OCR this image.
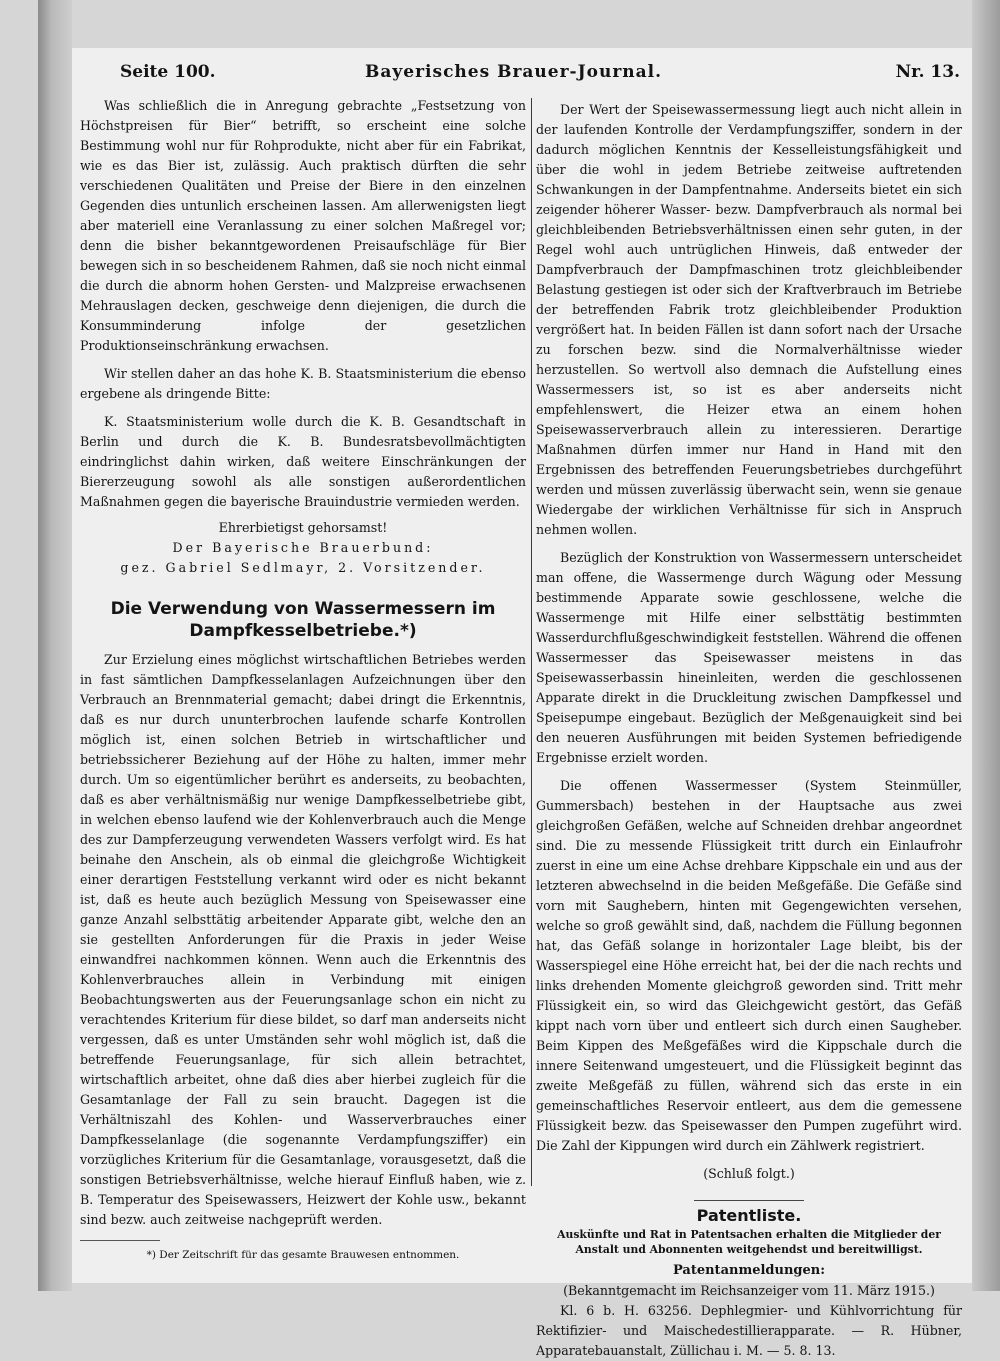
Seite 100.	Bayerisches Brauer-Journal.	Nr. 13.

Was schließlich die in Anregung gebrachte „Festsetzung von Höchstpreisen für Bier“ betrifft, so erscheint eine solche Bestimmung wohl nur für Rohprodukte, nicht aber für ein Fabrikat, wie es das Bier ist, zulässig. Auch praktisch dürften die sehr verschiedenen Qualitäten und Preise der Biere in den einzelnen Gegenden dies untunlich erscheinen lassen. Am allerwenigsten liegt aber materiell eine Veranlassung zu einer solchen Maßregel vor; denn die bisher bekanntgewordenen Preisaufschläge für Bier bewegen sich in so bescheidenem Rahmen, daß sie noch nicht einmal die durch die abnorm hohen Gersten- und Malzpreise erwachsenen Mehrauslagen decken, geschweige denn diejenigen, die durch die Konsumminderung infolge der gesetzlichen Produktionseinschränkung erwachsen.

Wir stellen daher an das hohe K. B. Staatsministerium die ebenso ergebene als dringende Bitte:

K. Staatsministerium wolle durch die K. B. Gesandtschaft in Berlin und durch die K. B. Bundesratsbevollmächtigten eindringlichst dahin wirken, daß weitere Einschränkungen der Biererzeugung sowohl als alle sonstigen außerordentlichen Maßnahmen gegen die bayerische Brauindustrie vermieden werden.

Ehrerbietigst gehorsamst!

Der Bayerische Brauerbund:

gez. Gabriel Sedlmayr, 2. Vorsitzender.

Die Verwendung von Wassermessern im Dampfkesselbetriebe.*)

Zur Erzielung eines möglichst wirtschaftlichen Betriebes werden in fast sämtlichen Dampfkesselanlagen Aufzeichnungen über den Verbrauch an Brennmaterial gemacht; dabei dringt die Erkenntnis, daß es nur durch ununterbrochen laufende scharfe Kontrollen möglich ist, einen solchen Betrieb in wirtschaftlicher und betriebssicherer Beziehung auf der Höhe zu halten, immer mehr durch. Um so eigentümlicher berührt es anderseits, zu beobachten, daß es aber verhältnismäßig nur wenige Dampfkesselbetriebe gibt, in welchen ebenso laufend wie der Kohlenverbrauch auch die Menge des zur Dampferzeugung verwendeten Wassers verfolgt wird. Es hat beinahe den Anschein, als ob einmal die gleichgroße Wichtigkeit einer derartigen Feststellung verkannt wird oder es nicht bekannt ist, daß es heute auch bezüglich Messung von Speisewasser eine ganze Anzahl selbsttätig arbeitender Apparate gibt, welche den an sie gestellten Anforderungen für die Praxis in jeder Weise einwandfrei nachkommen können. Wenn auch die Erkenntnis des Kohlenverbrauches allein in Verbindung mit einigen Beobachtungswerten aus der Feuerungsanlage schon ein nicht zu verachtendes Kriterium für diese bildet, so darf man anderseits nicht vergessen, daß es unter Umständen sehr wohl möglich ist, daß die betreffende Feuerungsanlage, für sich allein betrachtet, wirtschaftlich arbeitet, ohne daß dies aber hierbei zugleich für die Gesamtanlage der Fall zu sein braucht. Dagegen ist die Verhältniszahl des Kohlen- und Wasserverbrauches einer Dampfkesselanlage (die sogenannte Verdampfungsziffer) ein vorzügliches Kriterium für die Gesamtanlage, vorausgesetzt, daß die sonstigen Betriebsverhältnisse, welche hierauf Einfluß haben, wie z. B. Temperatur des Speisewassers, Heizwert der Kohle usw., bekannt sind bezw. auch zeitweise nachgeprüft werden.

*) Der Zeitschrift für das gesamte Brauwesen entnommen.

Der Wert der Speisewassermessung liegt auch nicht allein in der laufenden Kontrolle der Verdampfungsziffer, sondern in der dadurch möglichen Kenntnis der Kesselleistungsfähigkeit und über die wohl in jedem Betriebe zeitweise auftretenden Schwankungen in der Dampfentnahme. Anderseits bietet ein sich zeigender höherer Wasser- bezw. Dampfverbrauch als normal bei gleichbleibenden Betriebsverhältnissen einen sehr guten, in der Regel wohl auch untrüglichen Hinweis, daß entweder der Dampfverbrauch der Dampfmaschinen trotz gleichbleibender Belastung gestiegen ist oder sich der Kraftverbrauch im Betriebe der betreffenden Fabrik trotz gleichbleibender Produktion vergrößert hat. In beiden Fällen ist dann sofort nach der Ursache zu forschen bezw. sind die Normalverhältnisse wieder herzustellen. So wertvoll also demnach die Aufstellung eines Wassermessers ist, so ist es aber anderseits nicht empfehlenswert, die Heizer etwa an einem hohen Speisewasserverbrauch allein zu interessieren. Derartige Maßnahmen dürfen immer nur Hand in Hand mit den Ergebnissen des betreffenden Feuerungsbetriebes durchgeführt werden und müssen zuverlässig überwacht sein, wenn sie genaue Wiedergabe der wirklichen Verhältnisse für sich in Anspruch nehmen wollen.

Bezüglich der Konstruktion von Wassermessern unterscheidet man offene, die Wassermenge durch Wägung oder Messung bestimmende Apparate sowie geschlossene, welche die Wassermenge mit Hilfe einer selbsttätig bestimmten Wasserdurchflußgeschwindigkeit feststellen. Während die offenen Wassermesser das Speisewasser meistens in das Speisewasserbassin hineinleiten, werden die geschlossenen Apparate direkt in die Druckleitung zwischen Dampfkessel und Speisepumpe eingebaut. Bezüglich der Meßgenauigkeit sind bei den neueren Ausführungen mit beiden Systemen befriedigende Ergebnisse erzielt worden.

Die offenen Wassermesser (System Steinmüller, Gummersbach) bestehen in der Hauptsache aus zwei gleichgroßen Gefäßen, welche auf Schneiden drehbar angeordnet sind. Die zu messende Flüssigkeit tritt durch ein Einlaufrohr zuerst in eine um eine Achse drehbare Kippschale ein und aus der letzteren abwechselnd in die beiden Meßgefäße. Die Gefäße sind vorn mit Saughebern, hinten mit Gegengewichten versehen, welche so groß gewählt sind, daß, nachdem die Füllung begonnen hat, das Gefäß solange in horizontaler Lage bleibt, bis der Wasserspiegel eine Höhe erreicht hat, bei der die nach rechts und links drehenden Momente gleichgroß geworden sind. Tritt mehr Flüssigkeit ein, so wird das Gleichgewicht gestört, das Gefäß kippt nach vorn über und entleert sich durch einen Saugheber. Beim Kippen des Meßgefäßes wird die Kippschale durch die innere Seitenwand umgesteuert, und die Flüssigkeit beginnt das zweite Meßgefäß zu füllen, während sich das erste in ein gemeinschaftliches Reservoir entleert, aus dem die gemessene Flüssigkeit bezw. das Speisewasser den Pumpen zugeführt wird. Die Zahl der Kippungen wird durch ein Zählwerk registriert.

(Schluß folgt.)

Patentliste.

Auskünfte und Rat in Patentsachen erhalten die Mitglieder der Anstalt und Abonnenten weitgehendst und bereitwilligst.

Patentanmeldungen:

(Bekanntgemacht im Reichsanzeiger vom 11. März 1915.)

Kl. 6 b. H. 63256. Dephlegmier- und Kühlvorrichtung für Rektifizier- und Maischedestillierapparate. — R. Hübner, Apparatebauanstalt, Züllichau i. M. — 5. 8. 13.
